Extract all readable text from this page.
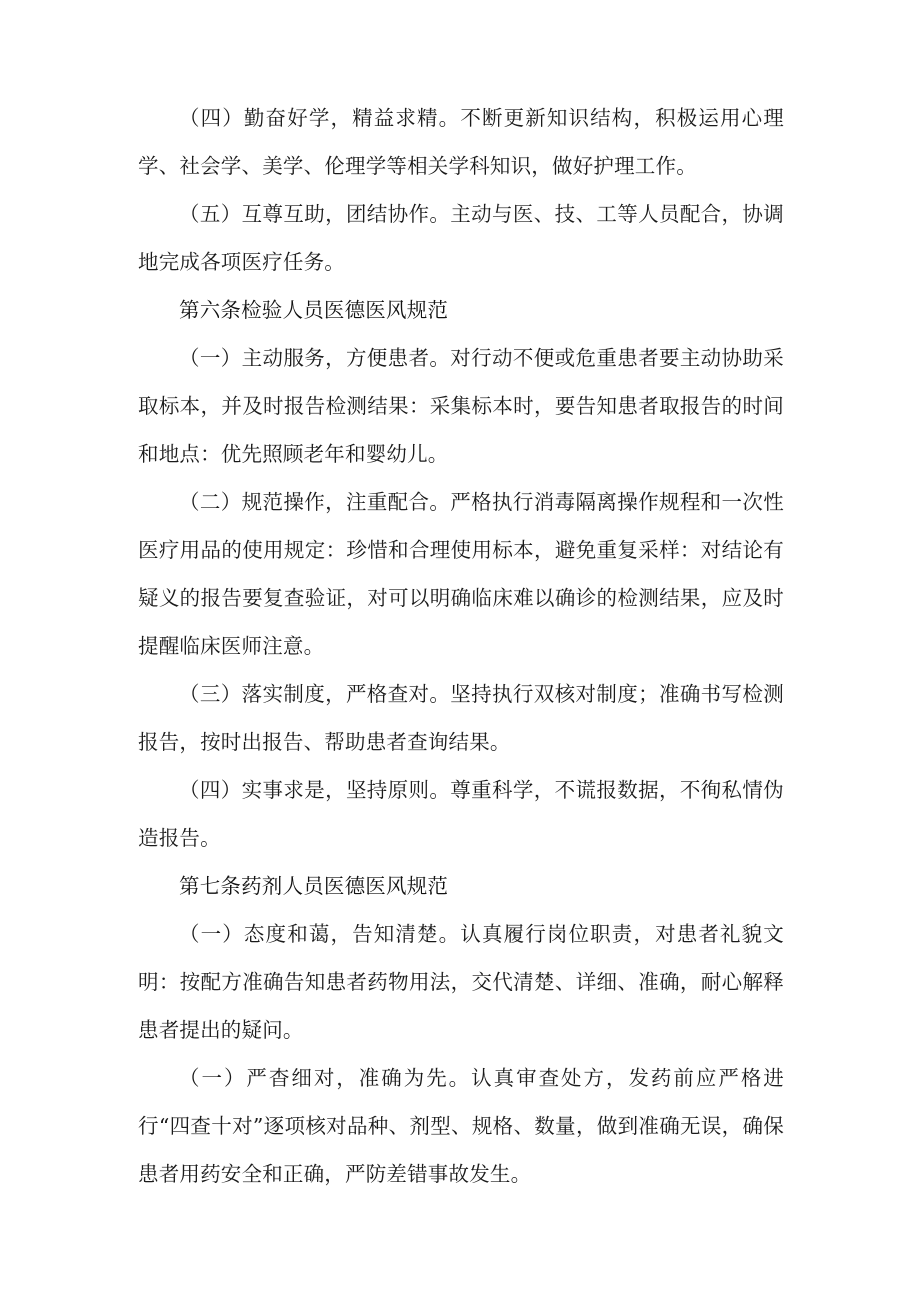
（四）勤奋好学，精益求精。不断更新知识结构，积极运用心理学、社会学、美学、伦理学等相关学科知识，做好护理工作。

（五）互尊互助，团结协作。主动与医、技、工等人员配合，协调地完成各项医疗任务。

第六条检验人员医德医风规范

（一）主动服务，方便患者。对行动不便或危重患者要主动协助采取标本，并及时报告检测结果：采集标本时，要告知患者取报告的时间和地点：优先照顾老年和婴幼儿。

（二）规范操作，注重配合。严格执行消毒隔离操作规程和一次性医疗用品的使用规定：珍惜和合理使用标本，避免重复采样：对结论有疑义的报告要复查验证，对可以明确临床难以确诊的检测结果，应及时提醒临床医师注意。

（三）落实制度，严格查对。坚持执行双核对制度；准确书写检测报告，按时出报告、帮助患者查询结果。

（四）实事求是，坚持原则。尊重科学，不谎报数据，不徇私情伪造报告。

第七条药剂人员医德医风规范

（一）态度和蔼，告知清楚。认真履行岗位职责，对患者礼貌文明：按配方准确告知患者药物用法，交代清楚、详细、准确，耐心解释患者提出的疑问。

（一）严杳细对，准确为先。认真审查处方，发药前应严格进行“四查十对”逐项核对品种、剂型、规格、数量，做到准确无误，确保患者用药安全和正确，严防差错事故发生。
